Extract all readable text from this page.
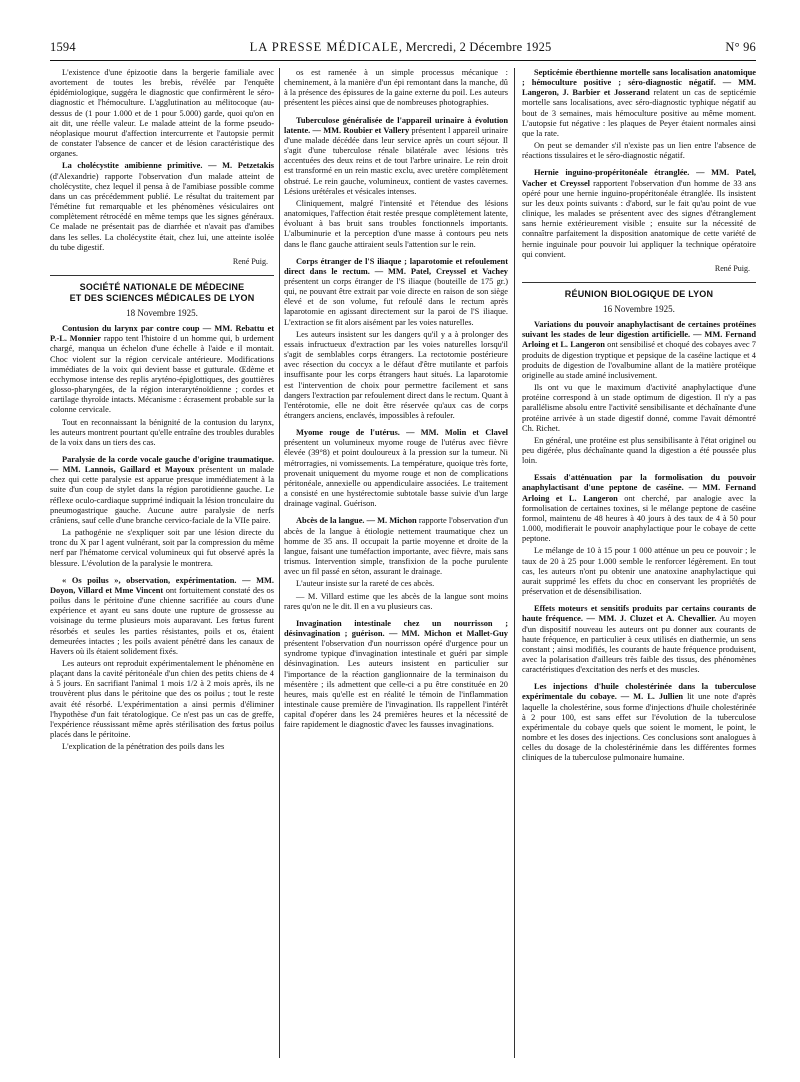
1594	LA PRESSE MÉDICALE, Mercredi, 2 Décembre 1925	N° 96

L'existence d'une épizootie dans la bergerie familiale avec avortement de toutes les brebis, révélée par l'enquête épidémiologique, suggéra le diagnostic que confirmèrent le séro-diagnostic et l'hémoculture. L'agglutination au mélitocoque (au-dessus de (1 pour 1.000 et de 1 pour 5.000) garde, quoi qu'on en ait dit, une réelle valeur. Le malade atteint de la forme pseudo-néoplasique mourut d'affection intercurrente et l'autopsie permit de constater l'absence de cancer et de lésion caractéristique des organes.

La cholécystite amibienne primitive. — M. Petzetakis (d'Alexandrie) rapporte l'observation d'un malade atteint de cholécystite, chez lequel il pensa à de l'amibiase possible comme dans un cas précédemment publié. Le résultat du traitement par l'émétine fut remarquable et les phénomènes vésiculaires ont complètement rétrocédé en même temps que les signes généraux. Ce malade ne présentait pas de diarrhée et n'avait pas d'amibes dans les selles. La cholécystite était, chez lui, une atteinte isolée du tube digestif.

René Puig.

SOCIÉTÉ NATIONALE DE MÉDECINE
ET DES SCIENCES MÉDICALES DE LYON
18 Novembre 1925.

Contusion du larynx par contre coup — MM. Rebattu et P.-L. Monnier rappo tent l'histoire d un homme qui, b urdement chargé, manqua un échelon d'une échelle à l'aide e il montait. Choc violent sur la région cervicale antérieure. Modifications immédiates de la voix qui devient basse et gutturale. Œdème et ecchymose intense des replis aryténo-épiglottiques, des gouttières glosso-pharyngées, de la région interaryténoïdienne ; cordes et cartilage thyroïde intacts. Mécanisme : écrasement probable sur la colonne cervicale.

Tout en reconnaissant la bénignité de la contusion du larynx, les auteurs montrent pourtant qu'elle entraîne des troubles durables de la voix dans un tiers des cas.

Paralysie de la corde vocale gauche d'origine traumatique. — MM. Lannois, Gaillard et Mayoux présentent un malade chez qui cette paralysie est apparue presque immédiatement à la suite d'un coup de stylet dans la région parotidienne gauche. Le réflexe oculo-cardiaque supprimé indiquait la lésion tronculaire du pneumogastrique gauche. Aucune autre paralysie de nerfs crâniens, sauf celle d'une branche cervico-faciale de la VIIe paire.

La pathogénie ne s'expliquer soit par une lésion directe du tronc du X par l agent vulnérant, soit par la compression du même nerf par l'hématome cervical volumineux qui fut observé après la blessure. L'évolution de la paralysie le montrera.

« Os poilus », observation, expérimentation. — MM. Doyon, Villard et Mme Vincent ont fortuitement constaté des os poilus dans le péritoine d'une chienne sacrifiée au cours d'une expérience et ayant eu sans doute une rupture de grossesse au voisinage du terme plusieurs mois auparavant. Les fœtus furent résorbés et seules les parties résistantes, poils et os, étaient demeurées intactes ; les poils avaient pénétré dans les canaux de Havers où ils étaient solidement fixés.

Les auteurs ont reproduit expérimentalement le phénomène en plaçant dans la cavité péritonéale d'un chien des petits chiens de 4 à 5 jours. En sacrifiant l'animal 1 mois 1/2 à 2 mois après, ils ne trouvèrent plus dans le péritoine que des os poilus ; tout le reste avait été résorbé. L'expérimentation a ainsi permis d'éliminer l'hypothèse d'un fait tératologique. Ce n'est pas un cas de greffe, l'expérience réussissant même après stérilisation des fœtus poilus placés dans le péritoine.

L'explication de la pénétration des poils dans les

os est ramenée à un simple processus mécanique : cheminement, à la manière d'un épi remontant dans la manche, dû à la présence des épissures de la gaine externe du poil. Les auteurs présentent les pièces ainsi que de nombreuses photographies.

Tuberculose généralisée de l'appareil urinaire à évolution latente. — MM. Roubier et Vallery présentent l appareil urinaire d'une malade décédée dans leur service après un court séjour. Il s'agit d'une tuberculose rénale bilatérale avec lésions très accentuées des deux reins et de tout l'arbre urinaire. Le rein droit est transformé en un rein mastic exclu, avec uretère complètement obstrué. Le rein gauche, volumineux, contient de vastes cavernes. Lésions urétérales et vésicales intenses.

Cliniquement, malgré l'intensité et l'étendue des lésions anatomiques, l'affection était restée presque complètement latente, évoluant à bas bruit sans troubles fonctionnels importants. L'albuminurie et la perception d'une masse à contours peu nets dans le flanc gauche attiraient seuls l'attention sur le rein.

Corps étranger de l'S iliaque ; laparotomie et refoulement direct dans le rectum. — MM. Patel, Creyssel et Vachey présentent un corps étranger de l'S iliaque (bouteille de 175 gr.) qui, ne pouvant être extrait par voie directe en raison de son siège élevé et de son volume, fut refoulé dans le rectum après laparotomie en agissant directement sur la paroi de l'S iliaque. L'extraction se fit alors aisément par les voies naturelles.

Les auteurs insistent sur les dangers qu'il y a à prolonger des essais infructueux d'extraction par les voies naturelles lorsqu'il s'agit de semblables corps étrangers. La rectotomie postérieure avec résection du coccyx a le défaut d'être mutilante et parfois insuffisante pour les corps étrangers haut situés. La laparotomie est l'intervention de choix pour permettre facilement et sans dangers l'extraction par refoulement direct dans le rectum. Quant à l'entérotomie, elle ne doit être réservée qu'aux cas de corps étrangers anciens, enclavés, impossibles à refouler.

Myome rouge de l'utérus. — MM. Molin et Clavel présentent un volumineux myome rouge de l'utérus avec fièvre élevée (39°8) et point douloureux à la pression sur la tumeur. Ni métrorragies, ni vomissements. La température, quoique très forte, provenait uniquement du myome rouge et non de complications péritonéale, annexielle ou appendiculaire associées. Le traitement a consisté en une hystérectomie subtotale basse suivie d'un large drainage vaginal. Guérison.

Abcès de la langue. — M. Michon rapporte l'observation d'un abcès de la langue à étiologie nettement traumatique chez un homme de 35 ans. Il occupait la partie moyenne et droite de la langue, faisant une tuméfaction importante, avec fièvre, mais sans trismus. Intervention simple, transfixion de la poche purulente avec un fil passé en séton, assurant le drainage.

L'auteur insiste sur la rareté de ces abcès.

— M. Villard estime que les abcès de la langue sont moins rares qu'on ne le dit. Il en a vu plusieurs cas.

Invagination intestinale chez un nourrisson ; désinvagination ; guérison. — MM. Michon et Mallet-Guy présentent l'observation d'un nourrisson opéré d'urgence pour un syndrome typique d'invagination intestinale et guéri par simple désinvagination. Les auteurs insistent en particulier sur l'importance de la réaction ganglionnaire de la terminaison du mésentère ; ils admettent que celle-ci a pu être constituée en 20 heures, mais qu'elle est en réalité le témoin de l'inflammation intestinale cause première de l'invagination. Ils rappellent l'intérêt capital d'opérer dans les 24 premières heures et la nécessité de faire rapidement le diagnostic d'avec les fausses invaginations.

Septicémie éberthienne mortelle sans localisation anatomique ; hémoculture positive ; séro-diagnostic négatif. — MM. Langeron, J. Barbier et Josserand relatent un cas de septicémie mortelle sans localisations, avec séro-diagnostic typhique négatif au bout de 3 semaines, mais hémoculture positive au même moment. L'autopsie fut négative : les plaques de Peyer étaient normales ainsi que la rate.

On peut se demander s'il n'existe pas un lien entre l'absence de réactions tissulaires et le séro-diagnostic négatif.

Hernie inguino-propéritonéale étranglée. — MM. Patel, Vacher et Creyssel rapportent l'observation d'un homme de 33 ans opéré pour une hernie inguino-propéritonéale étranglée. Ils insistent sur les deux points suivants : d'abord, sur le fait qu'au point de vue clinique, les malades se présentent avec des signes d'étranglement sans hernie extérieurement visible ; ensuite sur la nécessité de connaître parfaitement la disposition anatomique de cette variété de hernie inguinale pour pouvoir lui appliquer la technique opératoire qui convient.

René Puig.

RÉUNION BIOLOGIQUE DE LYON
16 Novembre 1925.

Variations du pouvoir anaphylactisant de certaines protéines suivant les stades de leur digestion artificielle. — MM. Fernand Arloing et L. Langeron ont sensibilisé et choqué des cobayes avec 7 produits de digestion tryptique et pepsique de la caséine lactique et 4 produits de digestion de l'ovalbumine allant de la matière protéique originelle au stade aminé inclusivement.

Ils ont vu que le maximum d'activité anaphylactique d'une protéine correspond à un stade optimum de digestion. Il n'y a pas parallélisme absolu entre l'activité sensibilisante et déchaînante d'une protéine arrivée à un stade digestif donné, comme l'avait démontré Ch. Richet.

En général, une protéine est plus sensibilisante à l'état originel ou peu digérée, plus déchaînante quand la digestion a été poussée plus loin.

Essais d'atténuation par la formolisation du pouvoir anaphylactisant d'une peptone de caséine. — MM. Fernand Arloing et L. Langeron ont cherché, par analogie avec la formolisation de certaines toxines, si le mélange peptone de caséine formol, maintenu de 48 heures à 40 jours à des taux de 4 à 50 pour 1.000, modifierait le pouvoir anaphylactique pour le cobaye de cette peptone.

Le mélange de 10 à 15 pour 1 000 atténue un peu ce pouvoir ; le taux de 20 à 25 pour 1.000 semble le renforcer légèrement. En tout cas, les auteurs n'ont pu obtenir une anatoxine anaphylactique qui aurait supprimé les effets du choc en conservant les propriétés de préservation et de désensibilisation.

Effets moteurs et sensitifs produits par certains courants de haute fréquence. — MM. J. Cluzet et A. Chevallier. Au moyen d'un dispositif nouveau les auteurs ont pu donner aux courants de haute fréquence, en particulier à ceux utilisés en diathermie, un sens constant ; ainsi modifiés, les courants de haute fréquence produisent, avec la polarisation d'ailleurs très faible des tissus, des phénomènes caractéristiques d'excitation des nerfs et des muscles.

Les injections d'huile cholestérinée dans la tuberculose expérimentale du cobaye. — M. L. Jullien lit une note d'après laquelle la cholestérine, sous forme d'injections d'huile cholestérinée à 2 pour 100, est sans effet sur l'évolution de la tuberculose expérimentale du cobaye quels que soient le moment, le point, le nombre et les doses des injections. Ces conclusions sont analogues à celles du dosage de la cholestérinémie dans les différentes formes cliniques de la tuberculose pulmonaire humaine.
